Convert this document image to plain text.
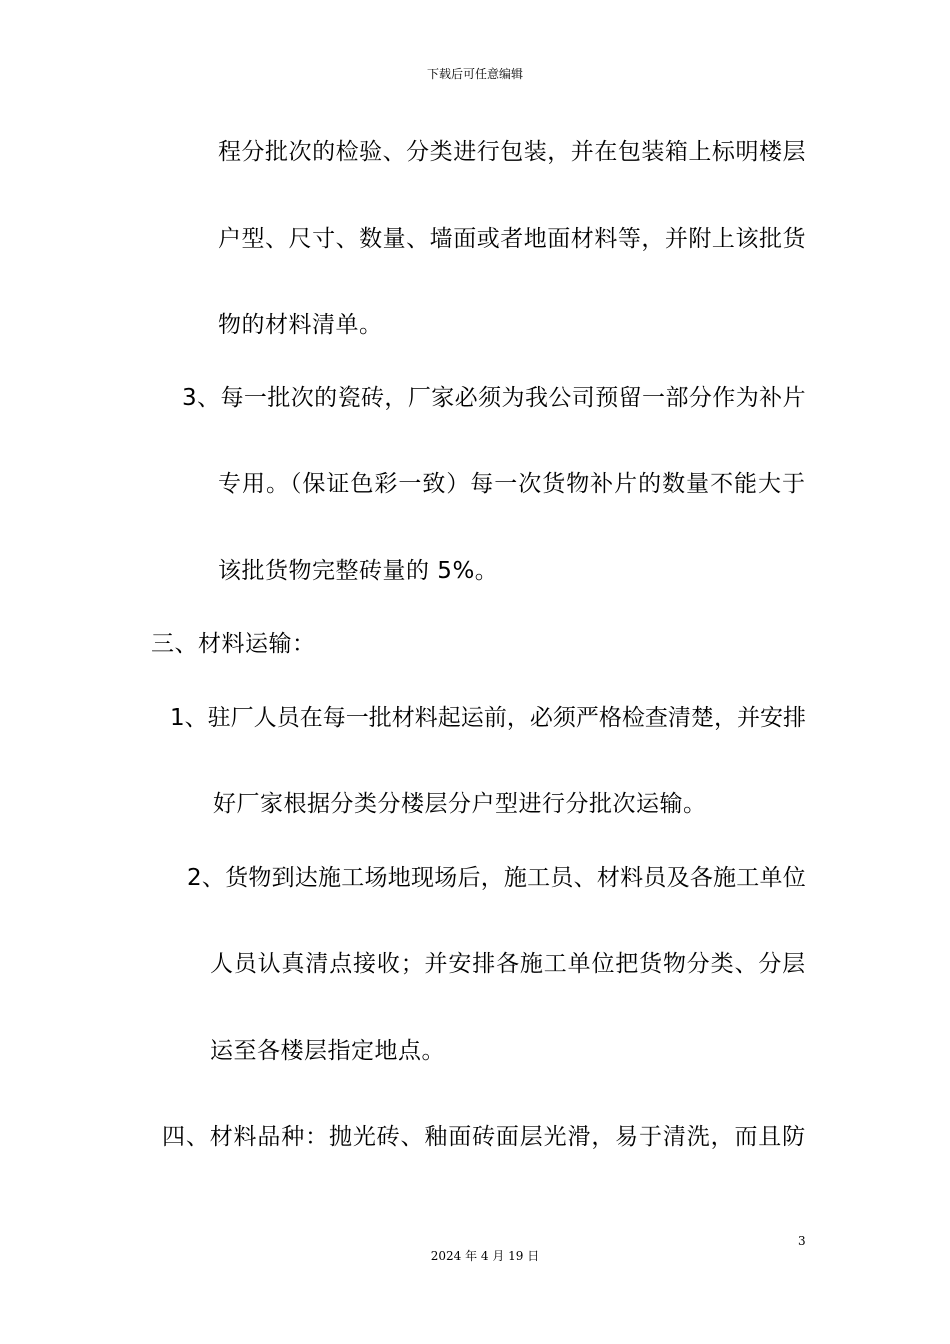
下载后可任意编辑
程分批次的检验、分类进行包装，并在包装箱上标明楼层
户型、尺寸、数量、墙面或者地面材料等，并附上该批货
物的材料清单。
3、每一批次的瓷砖，厂家必须为我公司预留一部分作为补片
专用。（保证色彩一致）每一次货物补片的数量不能大于
该批货物完整砖量的 5%。
三、材料运输：
1、驻厂人员在每一批材料起运前，必须严格检查清楚，并安排
好厂家根据分类分楼层分户型进行分批次运输。
2、货物到达施工场地现场后，施工员、材料员及各施工单位
人员认真清点接收；并安排各施工单位把货物分类、分层
运至各楼层指定地点。
四、材料品种：抛光砖、釉面砖面层光滑，易于清洗，而且防
3
2024 年 4 月 19 日
